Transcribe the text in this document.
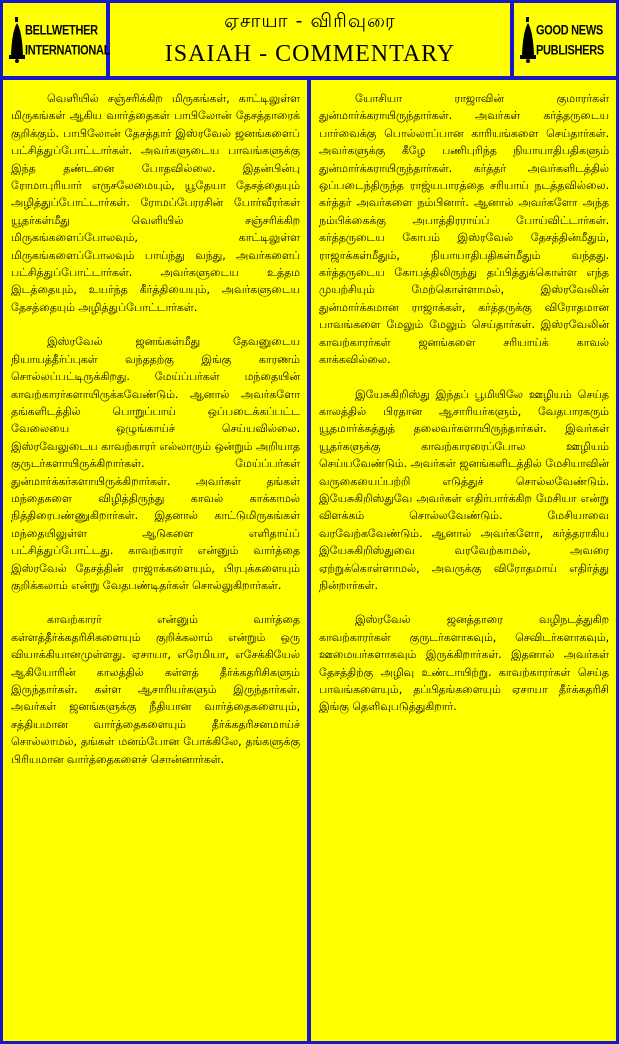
BELLWETHER
INTERNATIONAL
ஏசாயா - விரிவுரை
ISAIAH - COMMENTARY
GOOD NEWS
PUBLISHERS

வெளியில் சஞ்சரிக்கிற மிருகங்கள், காட்டிலுள்ள மிருகங்கள் ஆகிய வார்த்தைகள் பாபிலோன் தேசத்தாரைக் குறிக்கும். பாபிலோன் தேசத்தார் இஸ்ரவேல் ஜனங்களைப் பட்சித்துப்போட்டார்கள். அவர்களுடைய பாவங்களுக்கு இந்த தண்டனை போதவில்லை. இதன்பின்பு ரோமாபுரியார் எருசலேமையும், யூதேயா தேசத்தையும் அழித்துப்போட்டார்கள். ரோமப்பேரரசின் போர்வீரர்கள் யூதர்கள்மீது வெளியில் சஞ்சரிக்கிற மிருகங்களைப்போலவும், காட்டிலுள்ள மிருகங்களைப்போலவும் பாய்ந்து வந்து, அவர்களைப் பட்சித்துப்போட்டார்கள். அவர்களுடைய உத்தம இடத்தையும், உயர்ந்த கீர்த்தியையும், அவர்களுடைய தேசத்தையும் அழித்துப்போட்டார்கள்.

இஸ்ரவேல் ஜனங்கள்மீது தேவனுடைய நியாயத்தீர்ப்புகள் வந்ததற்கு இங்கு காரணம் சொல்லப்பட்டிருக்கிறது. மேய்ப்பர்கள் மந்தையின் காவற்காரர்களாயிருக்கவேண்டும். ஆனால் அவர்களோ தங்களிடத்தில் பொறுப்பாய் ஒப்படைக்கப்பட்ட வேலையை ஒழுங்காய்ச் செய்யவில்லை. இஸ்ரவேலுடைய காவற்காரர் எல்லாரும் ஒன்றும் அறியாத குருடர்களாயிருக்கிறார்கள். மேய்ப்பர்கள் துன்மார்க்கர்களாயிருக்கிறார்கள். அவர்கள் தங்கள் மந்தைகளை விழித்திருந்து காவல் காக்காமல் நித்திரைபண்ணுகிறார்கள். இதனால் காட்டுமிருகங்கள் மந்தையிலுள்ள ஆடுகளை எளிதாய்ப் பட்சித்துப்போட்டது. காவற்காரர் என்னும் வார்த்தை இஸ்ரவேல் தேசத்தின் ராஜாக்களையும், பிரபுக்களையும் குறிக்கலாம் என்று வேதபண்டிதர்கள் சொல்லுகிறார்கள்.

காவற்காரர் என்னும் வார்த்தை கள்ளத்தீர்க்கதரிசிகளையும் குறிக்கலாம் என்றும் ஒரு வியாக்கியானமுள்ளது. ஏசாயா, எரேமியா, எசேக்கியேல் ஆகியோரின் காலத்தில் கள்ளத் தீர்க்கதரிசிகளும் இருந்தார்கள். கள்ள ஆசாரியர்களும் இருந்தார்கள். அவர்கள் ஜனங்களுக்கு நீதியான வார்த்தைகளையும், சத்தியமான வார்த்தைகளையும் தீர்க்கதரிசனமாய்ச் சொல்லாமல், தங்கள் மனம்போன போக்கிலே, தங்களுக்கு பிரியமான வார்த்தைகளைச் சொன்னார்கள்.

யோசியா ராஜாவின் குமாரர்கள் துன்மார்க்கராயிருந்தார்கள். அவர்கள் கர்த்தருடைய பார்வைக்கு பொல்லாப்பான காரியங்களை செய்தார்கள். அவர்களுக்கு கீழே பணிபுரிந்த நியாயாதிபதிகளும் துன்மார்க்கராயிருந்தார்கள். கர்த்தர் அவர்களிடத்தில் ஒப்படைந்திருந்த ராஜ்யபாரத்தை சரியாய் நடத்தவில்லை. கர்த்தர் அவர்களை நம்பினார். ஆனால் அவர்களோ அந்த நம்பிக்கைக்கு அபாத்திரராய்ப் போய்விட்டார்கள். கர்த்தருடைய கோபம் இஸ்ரவேல் தேசத்தின்மீதும், ராஜாக்கள்மீதும், நியாயாதிபதிகள்மீதும் வந்தது. கர்த்தருடைய கோபத்திலிருந்து தப்பித்துக்கொள்ள எந்த முயற்சியும் மேற்கொள்ளாமல், இஸ்ரவேலின் துன்மார்க்கமான ராஜாக்கள், கர்த்தருக்கு விரோதமான பாவங்களை மேலும் மேலும் செய்தார்கள். இஸ்ரவேலின் காவற்காரர்கள் ஜனங்களை சரியாய்க் காவல் காக்கவில்லை.

இயேசுகிறிஸ்து இந்தப் பூமியிலே ஊழியம் செய்த காலத்தில் பிரதான ஆசாரியர்களும், வேதபாரகரும் யூதமார்க்கத்துத் தலைவர்களாயிருந்தார்கள். இவர்கள் யூதர்களுக்கு காவற்காரரைப்போல ஊழியம் செய்யவேண்டும். அவர்கள் ஜனங்களிடத்தில் மேசியாவின் வருகையைப்பற்றி எடுத்துச் சொல்லவேண்டும். இயேசுகிறிஸ்துவே அவர்கள் எதிர்பார்க்கிற மேசியா என்று விளக்கம் சொல்லவேண்டும். மேசியாவை வரவேற்கவேண்டும். ஆனால் அவர்களோ, கர்த்தராகிய இயேசுகிறிஸ்துவை வரவேற்காமல், அவரை ஏற்றுக்கொள்ளாமல், அவருக்கு விரோதமாய் எதிர்த்து நின்றார்கள்.

இஸ்ரவேல் ஜனத்தாரை வழிநடத்துகிற காவற்காரர்கள் குருடர்களாகவும், செவிடர்களாகவும், ஊமையர்களாகவும் இருக்கிறார்கள். இதனால் அவர்கள் தேசத்திற்கு அழிவு உண்டாயிற்று. காவற்காரர்கள் செய்த பாவங்களையும், தப்பிதங்களையும் ஏசாயா தீர்க்கதரிசி இங்கு தெளிவுபடுத்துகிறார்.
